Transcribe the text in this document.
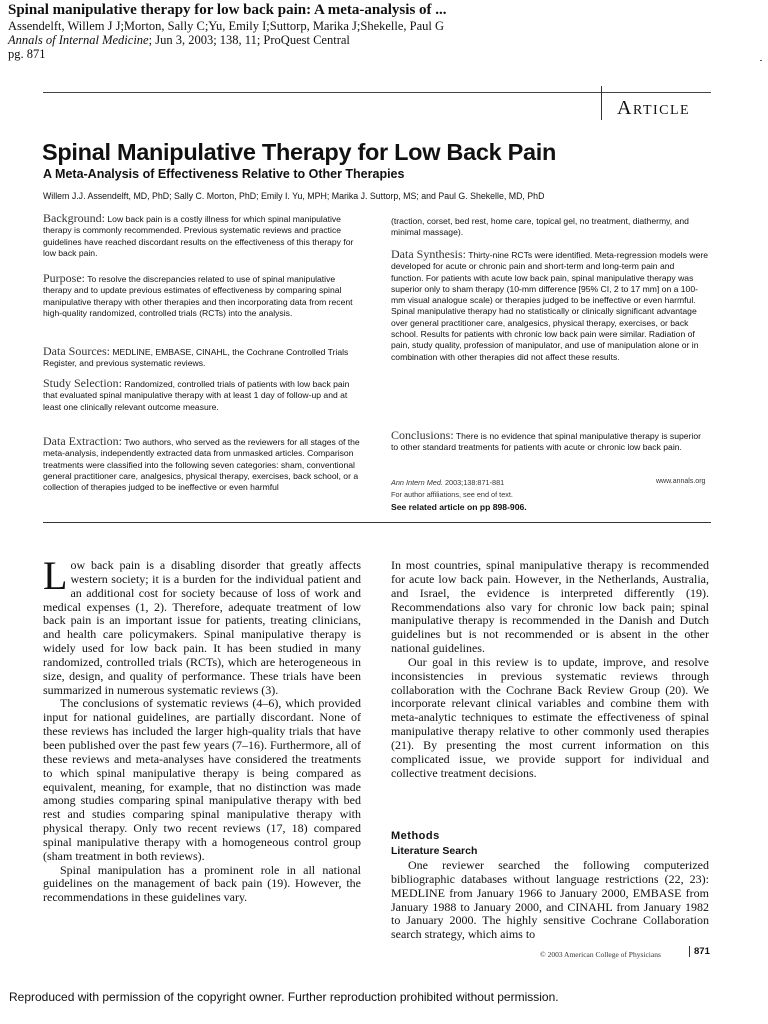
Spinal manipulative therapy for low back pain: A meta-analysis of ...
Assendelft, Willem J J;Morton, Sally C;Yu, Emily I;Suttorp, Marika J;Shekelle, Paul G
Annals of Internal Medicine; Jun 3, 2003; 138, 11; ProQuest Central
pg. 871
Article
Spinal Manipulative Therapy for Low Back Pain
A Meta-Analysis of Effectiveness Relative to Other Therapies
Willem J.J. Assendelft, MD, PhD; Sally C. Morton, PhD; Emily I. Yu, MPH; Marika J. Suttorp, MS; and Paul G. Shekelle, MD, PhD

Background: Low back pain is a costly illness for which spinal manipulative therapy is commonly recommended. Previous systematic reviews and practice guidelines have reached discordant results on the effectiveness of this therapy for low back pain.

Purpose: To resolve the discrepancies related to use of spinal manipulative therapy and to update previous estimates of effectiveness by comparing spinal manipulative therapy with other therapies and then incorporating data from recent high-quality randomized, controlled trials (RCTs) into the analysis.

Data Sources: MEDLINE, EMBASE, CINAHL, the Cochrane Controlled Trials Register, and previous systematic reviews.

Study Selection: Randomized, controlled trials of patients with low back pain that evaluated spinal manipulative therapy with at least 1 day of follow-up and at least one clinically relevant outcome measure.

Data Extraction: Two authors, who served as the reviewers for all stages of the meta-analysis, independently extracted data from unmasked articles. Comparison treatments were classified into the following seven categories: sham, conventional general practitioner care, analgesics, physical therapy, exercises, back school, or a collection of therapies judged to be ineffective or even harmful

(traction, corset, bed rest, home care, topical gel, no treatment, diathermy, and minimal massage).

Data Synthesis: Thirty-nine RCTs were identified. Meta-regression models were developed for acute or chronic pain and short-term and long-term pain and function. For patients with acute low back pain, spinal manipulative therapy was superior only to sham therapy (10-mm difference [95% CI, 2 to 17 mm] on a 100-mm visual analogue scale) or therapies judged to be ineffective or even harmful. Spinal manipulative therapy had no statistically or clinically significant advantage over general practitioner care, analgesics, physical therapy, exercises, or back school. Results for patients with chronic low back pain were similar. Radiation of pain, study quality, profession of manipulator, and use of manipulation alone or in combination with other therapies did not affect these results.

Conclusions: There is no evidence that spinal manipulative therapy is superior to other standard treatments for patients with acute or chronic low back pain.

Ann Intern Med. 2003;138:871-881	www.annals.org
For author affiliations, see end of text.
See related article on pp 898-906.

Low back pain is a disabling disorder that greatly affects western society; it is a burden for the individual patient and an additional cost for society because of loss of work and medical expenses (1, 2). Therefore, adequate treatment of low back pain is an important issue for patients, treating clinicians, and health care policymakers. Spinal manipulative therapy is widely used for low back pain. It has been studied in many randomized, controlled trials (RCTs), which are heterogeneous in size, design, and quality of performance. These trials have been summarized in numerous systematic reviews (3).

The conclusions of systematic reviews (4–6), which provided input for national guidelines, are partially discordant. None of these reviews has included the larger high-quality trials that have been published over the past few years (7–16). Furthermore, all of these reviews and meta-analyses have considered the treatments to which spinal manipulative therapy is being compared as equivalent, meaning, for example, that no distinction was made among studies comparing spinal manipulative therapy with bed rest and studies comparing spinal manipulative therapy with physical therapy. Only two recent reviews (17, 18) compared spinal manipulative therapy with a homogeneous control group (sham treatment in both reviews).

Spinal manipulation has a prominent role in all national guidelines on the management of back pain (19). However, the recommendations in these guidelines vary.

In most countries, spinal manipulative therapy is recommended for acute low back pain. However, in the Netherlands, Australia, and Israel, the evidence is interpreted differently (19). Recommendations also vary for chronic low back pain; spinal manipulative therapy is recommended in the Danish and Dutch guidelines but is not recommended or is absent in the other national guidelines.

Our goal in this review is to update, improve, and resolve inconsistencies in previous systematic reviews through collaboration with the Cochrane Back Review Group (20). We incorporate relevant clinical variables and combine them with meta-analytic techniques to estimate the effectiveness of spinal manipulative therapy relative to other commonly used therapies (21). By presenting the most current information on this complicated issue, we provide support for individual and collective treatment decisions.

Methods
Literature Search

One reviewer searched the following computerized bibliographic databases without language restrictions (22, 23): MEDLINE from January 1966 to January 2000, EMBASE from January 1988 to January 2000, and CINAHL from January 1982 to January 2000. The highly sensitive Cochrane Collaboration search strategy, which aims to

© 2003 American College of Physicians	871
Reproduced with permission of the copyright owner. Further reproduction prohibited without permission.
